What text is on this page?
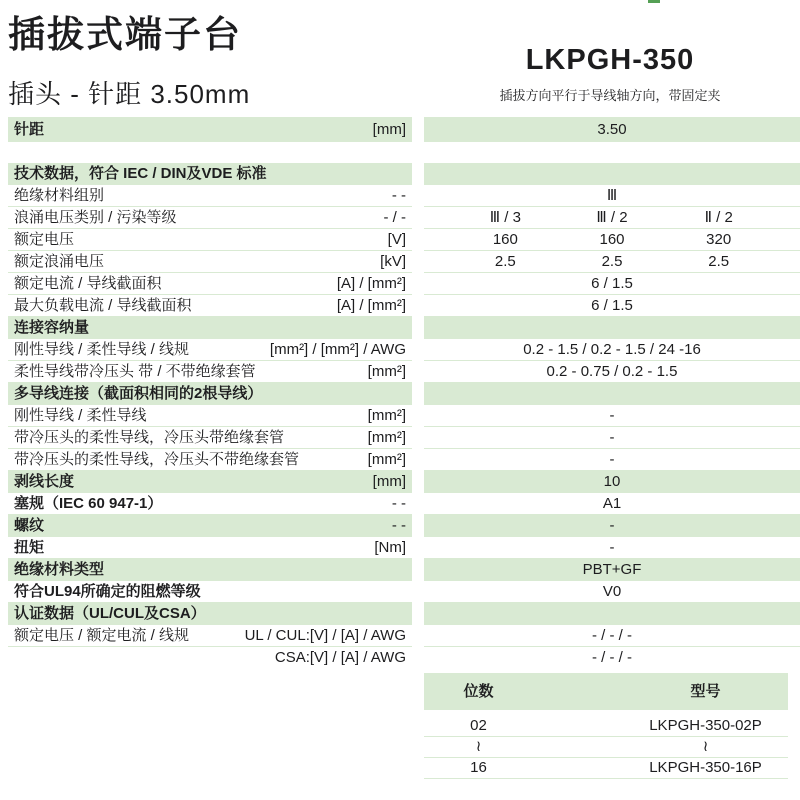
插拔式端子台
插头 - 针距 3.50mm
LKPGH-350
插拔方向平行于导线轴方向，带固定夹
针距	[mm]	3.50
技术数据，符合 IEC / DIN及VDE 标准
绝缘材料组别	- -	Ⅲ
浪涌电压类别 / 污染等级	- / -	Ⅲ / 3	Ⅲ / 2	Ⅱ / 2
额定电压	[V]	160	160	320
额定浪涌电压	[kV]	2.5	2.5	2.5
额定电流 / 导线截面积	[A] / [mm²]	6 / 1.5
最大负载电流 / 导线截面积	[A] / [mm²]	6 / 1.5
连接容纳量
刚性导线 / 柔性导线 / 线规	[mm²] / [mm²] / AWG	0.2 - 1.5 / 0.2 - 1.5 / 24 -16
柔性导线带冷压头 带 / 不带绝缘套管	[mm²]	0.2 - 0.75 / 0.2 - 1.5
多导线连接（截面积相同的2根导线）
刚性导线 / 柔性导线	[mm²]	-
带冷压头的柔性导线，冷压头带绝缘套管	[mm²]	-
带冷压头的柔性导线，冷压头不带绝缘套管	[mm²]	-
剥线长度	[mm]	10
塞规（IEC 60 947-1）	- -	A1
螺纹	- -	-
扭矩	[Nm]	-
绝缘材料类型	PBT+GF
符合UL94所确定的阻燃等级	V0
认证数据（UL/CUL及CSA）
额定电压 / 额定电流 / 线规	UL / CUL:[V] / [A] / AWG	- / - / -
CSA:[V] / [A] / AWG	- / - / -
位数	型号
02	LKPGH-350-02P
≀	≀
16	LKPGH-350-16P
